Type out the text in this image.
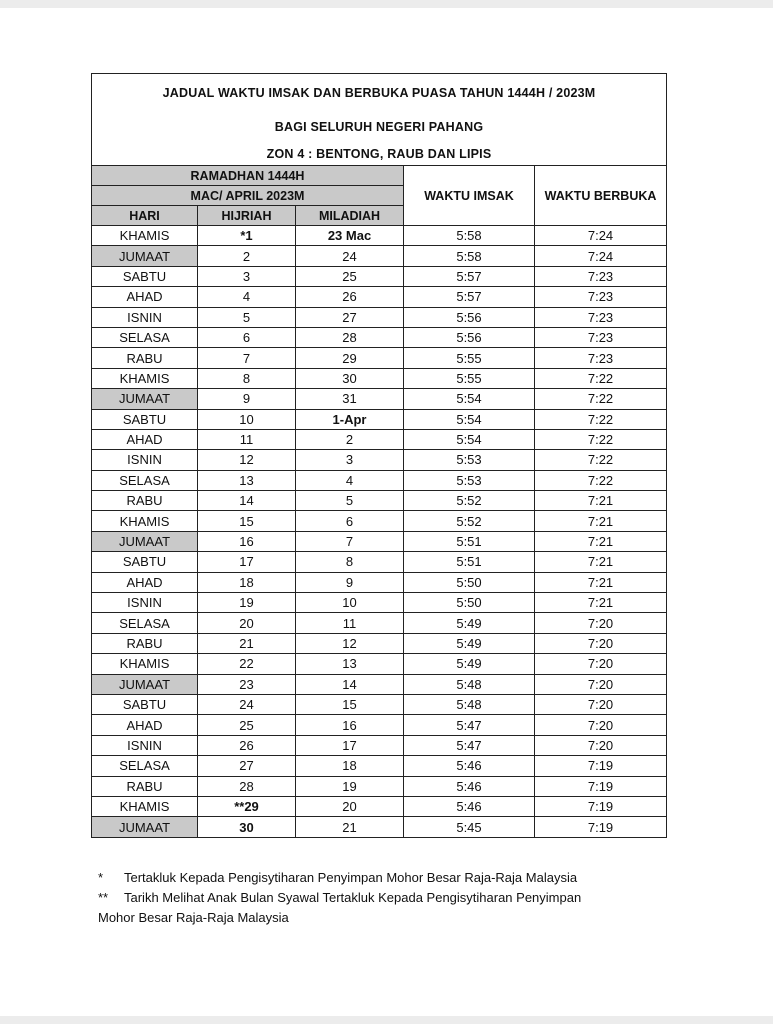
JADUAL WAKTU IMSAK DAN BERBUKA PUASA TAHUN 1444H / 2023M				
BAGI SELURUH NEGERI PAHANG				
ZON 4 : BENTONG, RAUB DAN LIPIS				
RAMADHAN 1444H			WAKTU IMSAK	WAKTU BERBUKA
MAC/ APRIL 2023M				
HARI	HIJRIAH	MILADIAH		
KHAMIS	*1	23 Mac	5:58	7:24
JUMAAT	2	24	5:58	7:24
SABTU	3	25	5:57	7:23
AHAD	4	26	5:57	7:23
ISNIN	5	27	5:56	7:23
SELASA	6	28	5:56	7:23
RABU	7	29	5:55	7:23
KHAMIS	8	30	5:55	7:22
JUMAAT	9	31	5:54	7:22
SABTU	10	1-Apr	5:54	7:22
AHAD	11	2	5:54	7:22
ISNIN	12	3	5:53	7:22
SELASA	13	4	5:53	7:22
RABU	14	5	5:52	7:21
KHAMIS	15	6	5:52	7:21
JUMAAT	16	7	5:51	7:21
SABTU	17	8	5:51	7:21
AHAD	18	9	5:50	7:21
ISNIN	19	10	5:50	7:21
SELASA	20	11	5:49	7:20
RABU	21	12	5:49	7:20
KHAMIS	22	13	5:49	7:20
JUMAAT	23	14	5:48	7:20
SABTU	24	15	5:48	7:20
AHAD	25	16	5:47	7:20
ISNIN	26	17	5:47	7:20
SELASA	27	18	5:46	7:19
RABU	28	19	5:46	7:19
KHAMIS	**29	20	5:46	7:19
JUMAAT	30	21	5:45	7:19
* Tertakluk Kepada Pengisytiharan Penyimpan Mohor Besar Raja-Raja Malaysia
** Tarikh Melihat Anak Bulan Syawal Tertakluk Kepada Pengisytiharan Penyimpan
Mohor Besar Raja-Raja Malaysia
